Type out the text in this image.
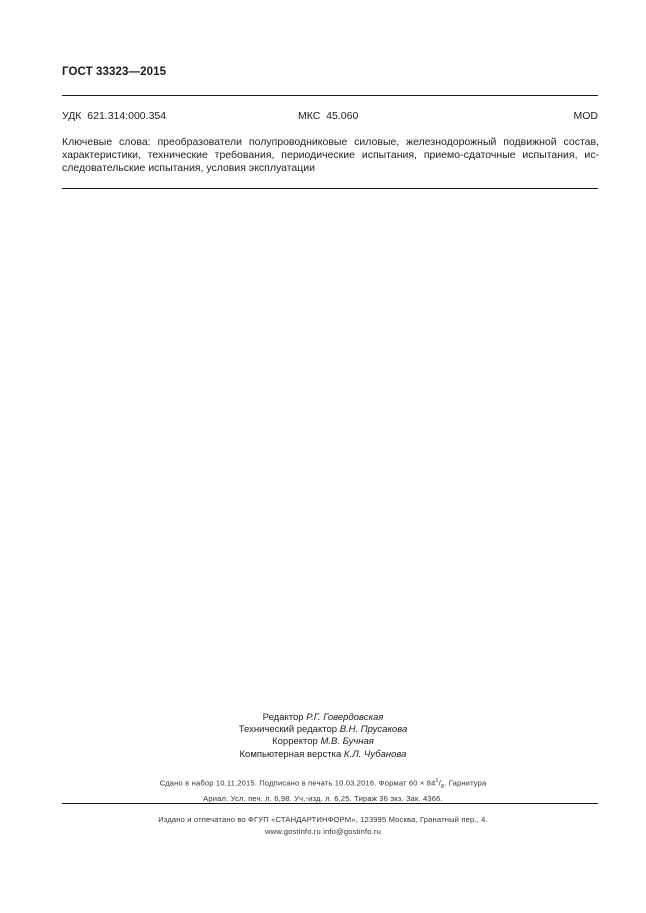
ГОСТ 33323—2015
УДК  621.314:000.354	МКС  45.060	MOD
Ключевые слова: преобразователи полупроводниковые силовые, железнодорожный подвижной состав,
характеристики, технические требования, периодические испытания, приемо-сдаточные испытания, ис-
следовательские испытания, условия эксплуатации
Редактор Р.Г. Говердовская
Технический редактор В.Н. Прусакова
Корректор М.В. Бучная
Компьютерная верстка К.Л. Чубанова
Сдано в набор 10.11.2015. Подписано в печать 10.03.2016. Формат $60 \times 84^1/_8$. Гарнитура
Ариал. Усл. печ. л. 6,98. Уч.-изд. л. 6,25. Тираж 36 экз. Зак. 4366.
Издано и отпечатано во ФГУП «СТАНДАРТИНФОРМ», 123995 Москва, Гранатный пер., 4.
www.gostinfo.ru info@gostinfo.ru
